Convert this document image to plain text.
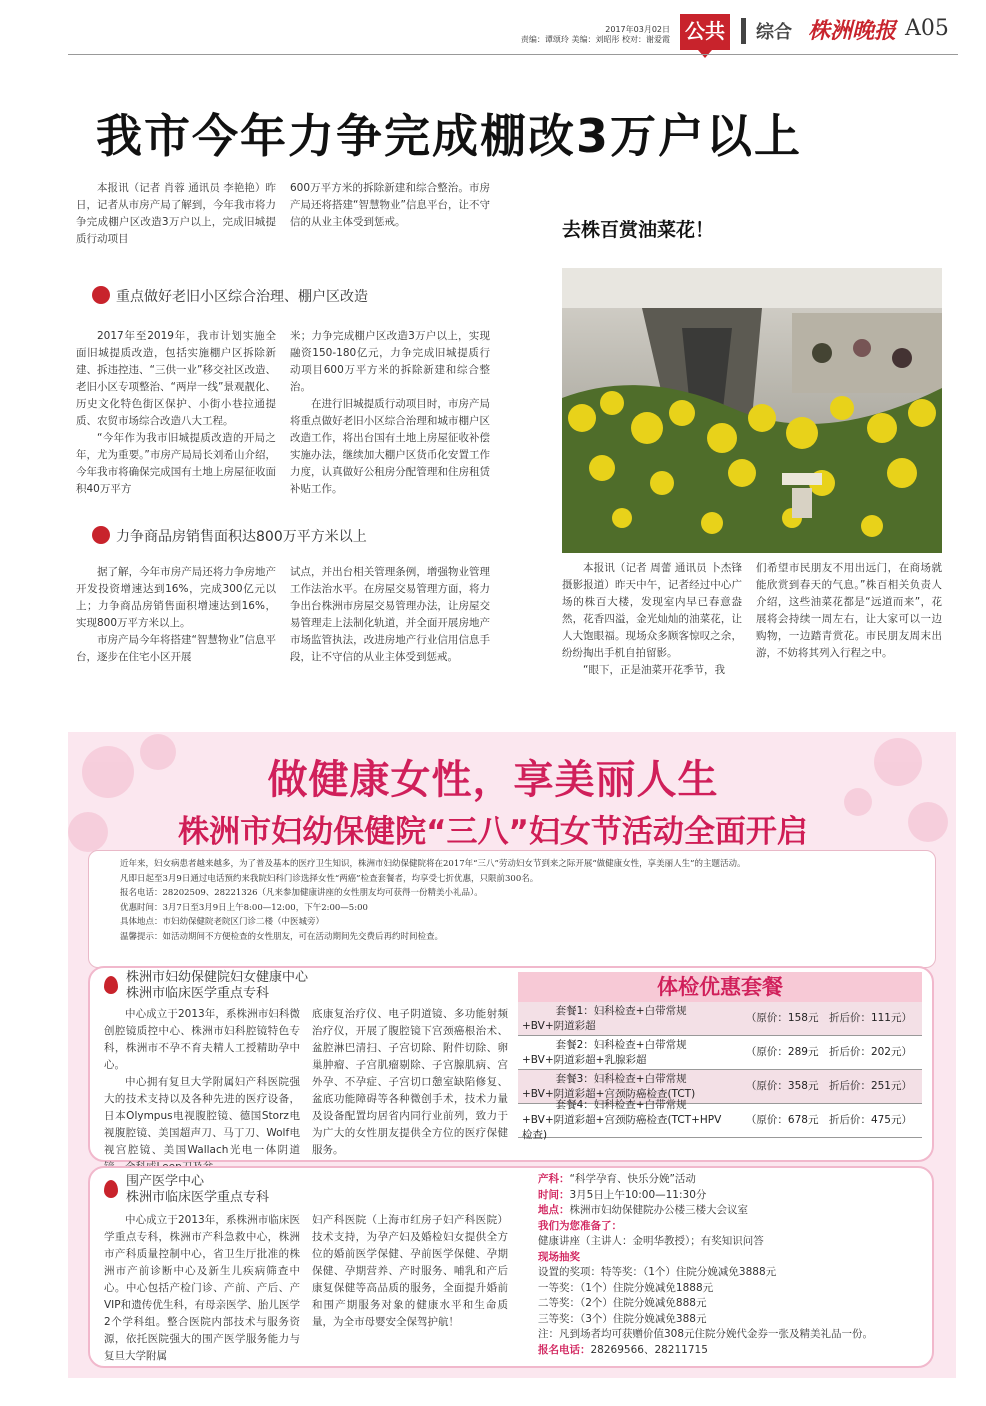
2017年03月02日
责编：谭颂玲 美编：刘昭彤 校对：谢爱霞 公共 综合 株洲晚报 A05
我市今年力争完成棚改3万户以上

本报讯（记者 肖蓉 通讯员 李艳艳）昨日，记者从市房产局了解到，今年我市将力争完成棚户区改造3万户以上，完成旧城提质行动项目

600万平方米的拆除新建和综合整治。市房产局还将搭建“智慧物业”信息平台，让不守信的从业主体受到惩戒。

重点做好老旧小区综合治理、棚户区改造

2017年至2019年，我市计划实施全面旧城提质改造，包括实施棚户区拆除新建、拆违控违、“三供一业”移交社区改造、老旧小区专项整治、“两岸一线”景观靓化、历史文化特色街区保护、小街小巷拉通提质、农贸市场综合改造八大工程。

“今年作为我市旧城提质改造的开局之年，尤为重要。”市房产局局长刘希山介绍，今年我市将确保完成国有土地上房屋征收面积40万平方

米；力争完成棚户区改造3万户以上，实现融资150-180亿元，力争完成旧城提质行动项目600万平方米的拆除新建和综合整治。

在进行旧城提质行动项目时，市房产局将重点做好老旧小区综合治理和城市棚户区改造工作，将出台国有土地上房屋征收补偿实施办法，继续加大棚户区货币化安置工作力度，认真做好公租房分配管理和住房租赁补贴工作。

力争商品房销售面积达800万平方米以上

据了解，今年市房产局还将力争房地产开发投资增速达到16%，完成300亿元以上；力争商品房销售面积增速达到16%，实现800万平方米以上。

市房产局今年将搭建“智慧物业”信息平台，逐步在住宅小区开展

试点，并出台相关管理条例，增强物业管理工作法治水平。在房屋交易管理方面，将力争出台株洲市房屋交易管理办法，让房屋交易管理走上法制化轨道，并全面开展房地产市场监管执法，改进房地产行业信用信息手段，让不守信的从业主体受到惩戒。

去株百赏油菜花！

本报讯（记者 周蕾 通讯员 卜杰锋 摄影报道）昨天中午，记者经过中心广场的株百大楼，发现室内早已春意盎然，花香四溢，金光灿灿的油菜花，让人大饱眼福。现场众多顾客惊叹之余，纷纷掏出手机自拍留影。

“眼下，正是油菜开花季节，我

们希望市民朋友不用出远门，在商场就能欣赏到春天的气息。”株百相关负责人介绍，这些油菜花都是“远道而来”，花展将会持续一周左右，让大家可以一边购物，一边踏青赏花。市民朋友周末出游，不妨将其列入行程之中。

做健康女性，享美丽人生
株洲市妇幼保健院“三八”妇女节活动全面开启
近年来，妇女病患者越来越多，为了普及基本的医疗卫生知识，株洲市妇幼保健院将在2017年“三八”劳动妇女节到来之际开展“做健康女性，享美丽人生”的主题活动。
凡即日起至3月9日通过电话预约来我院妇科门诊选择女性“两癌”检查套餐者，均享受七折优惠，只限前300名。
报名电话：28202509、28221326（凡来参加健康讲座的女性朋友均可获得一份精美小礼品）。
优惠时间：3月7日至3月9日上午8:00—12:00，下午2:00—5:00
具体地点：市妇幼保健院老院区门诊二楼（中医城旁）
温馨提示：如活动期间不方便检查的女性朋友，可在活动期间先交费后再约时间检查。
株洲市妇幼保健院妇女健康中心
株洲市临床医学重点专科

中心成立于2013年，系株洲市妇科微创腔镜质控中心、株洲市妇科腔镜特色专科，株洲市不孕不育夫精人工授精助孕中心。

中心拥有复旦大学附属妇产科医院强大的技术支持以及各种先进的医疗设备，日本Olympus电视腹腔镜、德国Storz电视腹腔镜、美国超声刀、马丁刀、Wolf电视宫腔镜、美国Wallach光电一体阴道

底康复治疗仪、电子阴道镜、多功能射频治疗仪，开展了腹腔镜下宫颈癌根治术、盆腔淋巴清扫、子宫切除、附件切除、卵巢肿瘤、子宫肌瘤剔除、子宫腺肌病、宫外孕、不孕症、子宫切口憩室缺陷修复、盆底功能障碍等各种微创手术，技术力量及设备配置均居省内同行业前列，致力于为广大的女性朋友提供全方位的医疗保健服务。

体检优惠套餐
套餐1：妇科检查+白带常规+BV+阴道彩超
（原价：158元　折后价：111元）
套餐2：妇科检查+白带常规+BV+阴道彩超+乳腺彩超
（原价：289元　折后价：202元）
套餐3：妇科检查+白带常规+BV+阴道彩超+宫颈防癌检查(TCT)
（原价：358元　折后价：251元）
套餐4：妇科检查+白带常规+BV+阴道彩超+宫颈防癌检查(TCT+HPV检查)
（原价：678元　折后价：475元）
围产医学中心
株洲市临床医学重点专科

中心成立于2013年，系株洲市临床医学重点专科，株洲市产科急救中心，株洲市产科质量控制中心，省卫生厅批准的株洲市产前诊断中心及新生儿疾病筛查中心。中心包括产检门诊、产前、产后、产VIP和遗传优生科，有母亲医学、胎儿医学2个学科组。整合医院内部技术与服务资源，依托医院强大的围产医学服务能力与复旦大学附属

妇产科医院（上海市红房子妇产科医院）技术支持，为孕产妇及婚检妇女提供全方位的婚前医学保健、孕前医学保健、孕期保健、孕期营养、产时服务、哺乳和产后康复保健等高品质的服务，全面提升婚前和围产期服务对象的健康水平和生命质量，为全市母婴安全保驾护航！

产科：“科学孕育、快乐分娩”活动
时间：3月5日上午10:00—11:30分
地点：株洲市妇幼保健院办公楼三楼大会议室
我们为您准备了：
健康讲座（主讲人：金明华教授）；有奖知识问答
现场抽奖
设置的奖项：特等奖：（1个）住院分娩减免3888元
一等奖：（1个）住院分娩减免1888元
二等奖：（2个）住院分娩减免888元
三等奖：（3个）住院分娩减免388元
注：凡到场者均可获赠价值308元住院分娩代金券一张及精美礼品一份。
报名电话：28269566、28211715
